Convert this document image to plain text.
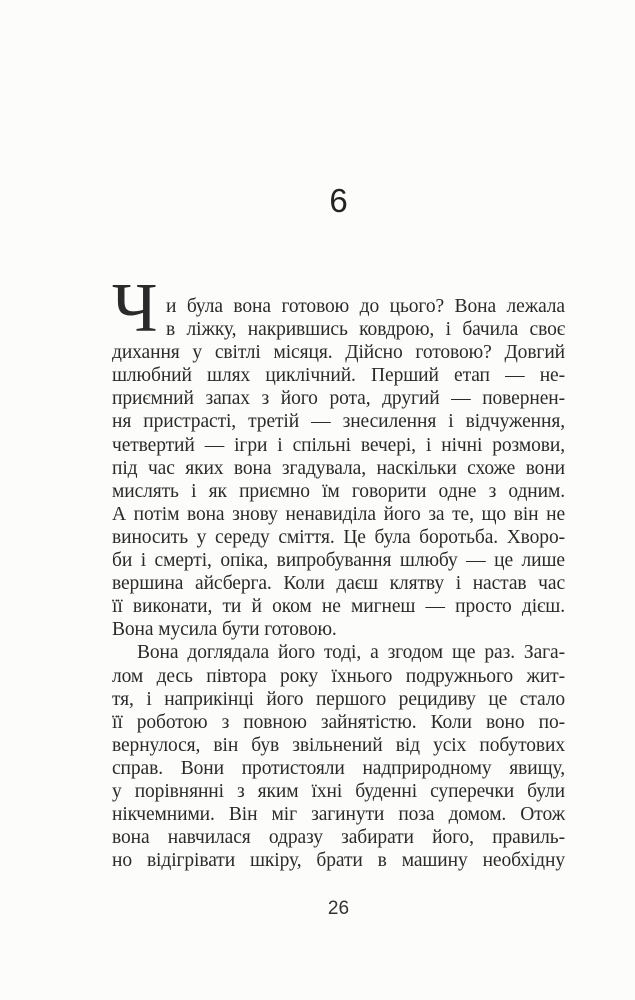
6
Ч и була вона готовою до цього? Вона лежала
в ліжку, накрившись ковдрою, і бачила своє
дихання у світлі місяця. Дійсно готовою? Довгий
шлюбний шлях циклічний. Перший етап — не-
приємний запах з його рота, другий — повернен-
ня пристрасті, третій — знесилення і відчуження,
четвертий — ігри і спільні вечері, і нічні розмови,
під час яких вона згадувала, наскільки схоже вони
мислять і як приємно їм говорити одне з одним.
А потім вона знову ненавиділа його за те, що він не
виносить у середу сміття. Це була боротьба. Хворо-
би і смерті, опіка, випробування шлюбу — це лише
вершина айсберга. Коли даєш клятву і настав час
її виконати, ти й оком не мигнеш — просто дієш.
Вона мусила бути готовою.
Вона доглядала його тоді, а згодом ще раз. Зага-
лом десь півтора року їхнього подружнього жит-
тя, і наприкінці його першого рецидиву це стало
її роботою з повною зайнятістю. Коли воно по-
вернулося, він був звільнений від усіх побутових
справ. Вони протистояли надприродному явищу,
у порівнянні з яким їхні буденні суперечки були
нікчемними. Він міг загинути поза домом. Отож
вона навчилася одразу забирати його, правиль-
но відігрівати шкіру, брати в машину необхідну
26
